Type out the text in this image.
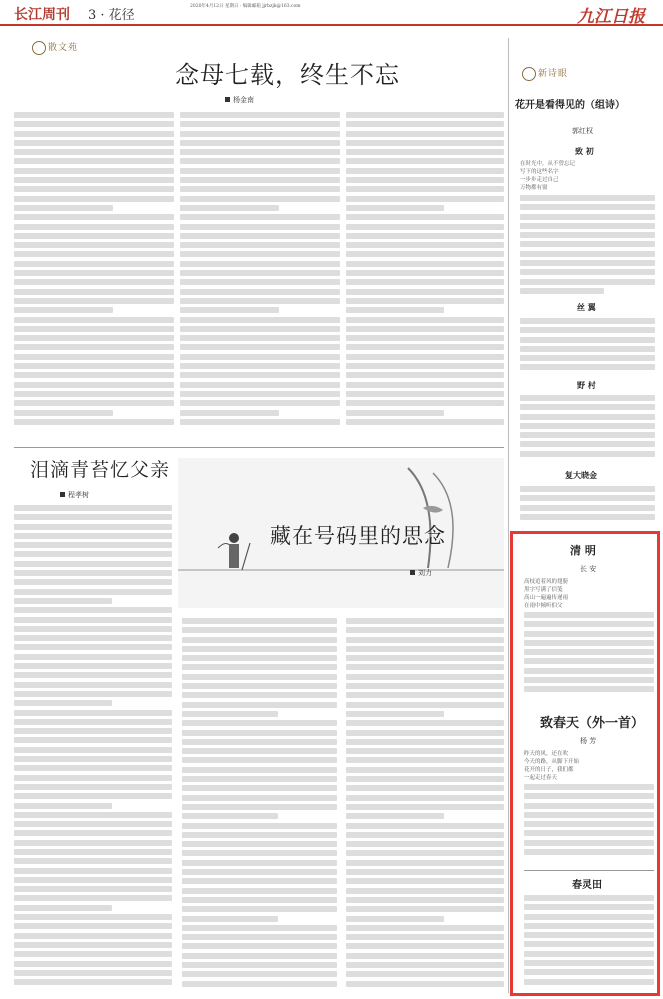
长江周刊 3 · 花径
2020年4月12日 星期日 · 编辑邮箱 jjrbzjk@163.com
九江日报
散文苑
念母七载，终生不忘
杨金南
泪滴青苔忆父亲
程孝树
藏在号码里的思念
刘力
新诗眼
花开是看得见的（组诗）
郭红权
致 初
在时光中，从不曾忘记
写下的这些名字
一步步走过自己
万物都有窗
丝 翼
野 村
复大晓金
清 明
长 安
高枝追着风的翅膀
黑字写满了信笺
高山一遍遍传递雨
在雨中倾听伯父
致春天（外一首）
杨 芳
昨天的风，还在吹
今天的路，从脚下开始
花开的日子，我们都
一起走过春天
春灵田
